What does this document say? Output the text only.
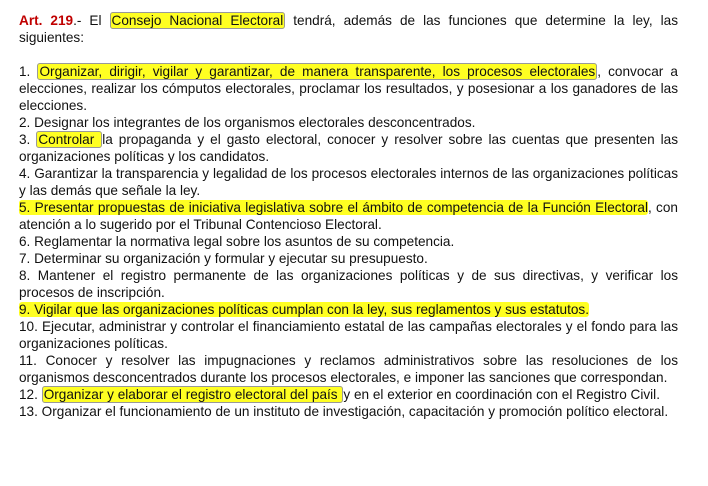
Art. 219.- El Consejo Nacional Electoral tendrá, además de las funciones que determine la ley, las siguientes:

1. Organizar, dirigir, vigilar y garantizar, de manera transparente, los procesos electorales , convocar a elecciones, realizar los cómputos electorales, proclamar los resultados, y posesionar a los ganadores de las elecciones.

2. Designar los integrantes de los organismos electorales desconcentrados.

3. Controlar la propaganda y el gasto electoral, conocer y resolver sobre las cuentas que presenten las organizaciones políticas y los candidatos.

4. Garantizar la transparencia y legalidad de los procesos electorales internos de las organizaciones políticas y las demás que señale la ley.

5. Presentar propuestas de iniciativa legislativa sobre el ámbito de competencia de la Función Electoral, con atención a lo sugerido por el Tribunal Contencioso Electoral.

6. Reglamentar la normativa legal sobre los asuntos de su competencia.

7. Determinar su organización y formular y ejecutar su presupuesto.

8. Mantener el registro permanente de las organizaciones políticas y de sus directivas, y verificar los procesos de inscripción.

9. Vigilar que las organizaciones políticas cumplan con la ley, sus reglamentos y sus estatutos.

10. Ejecutar, administrar y controlar el financiamiento estatal de las campañas electorales y el fondo para las organizaciones políticas.

11. Conocer y resolver las impugnaciones y reclamos administrativos sobre las resoluciones de los organismos desconcentrados durante los procesos electorales, e imponer las sanciones que correspondan.

12. Organizar y elaborar el registro electoral del país y en el exterior en coordinación con el Registro Civil.

13. Organizar el funcionamiento de un instituto de investigación, capacitación y promoción político electoral.
